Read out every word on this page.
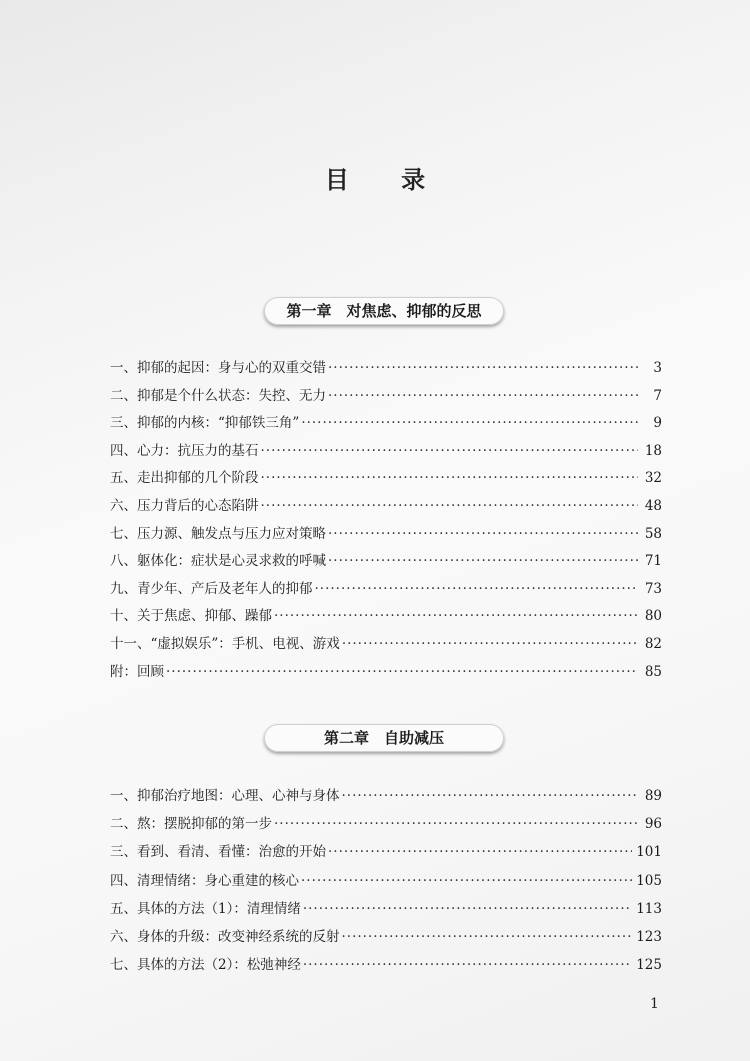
目 录
第一章　对焦虑、抑郁的反思
一、抑郁的起因：身与心的双重交错 ·····	3
二、抑郁是个什么状态：失控、无力 ·····	7
三、抑郁的内核：“抑郁铁三角” ·····	9
四、心力：抗压力的基石 ·····	18
五、走出抑郁的几个阶段 ·····	32
六、压力背后的心态陷阱 ·····	48
七、压力源、触发点与压力应对策略 ·····	58
八、躯体化：症状是心灵求救的呼喊 ·····	71
九、青少年、产后及老年人的抑郁 ·····	73
十、关于焦虑、抑郁、躁郁 ·····	80
十一、“虚拟娱乐”：手机、电视、游戏 ·····	82
附：回顾 ·····	85
第二章　自助减压
一、抑郁治疗地图：心理、心神与身体 ·····	89
二、熬：摆脱抑郁的第一步 ·····	96
三、看到、看清、看懂：治愈的开始 ·····	101
四、清理情绪：身心重建的核心 ·····	105
五、具体的方法（1）：清理情绪 ·····	113
六、身体的升级：改变神经系统的反射 ·····	123
七、具体的方法（2）：松弛神经 ·····	125
1
